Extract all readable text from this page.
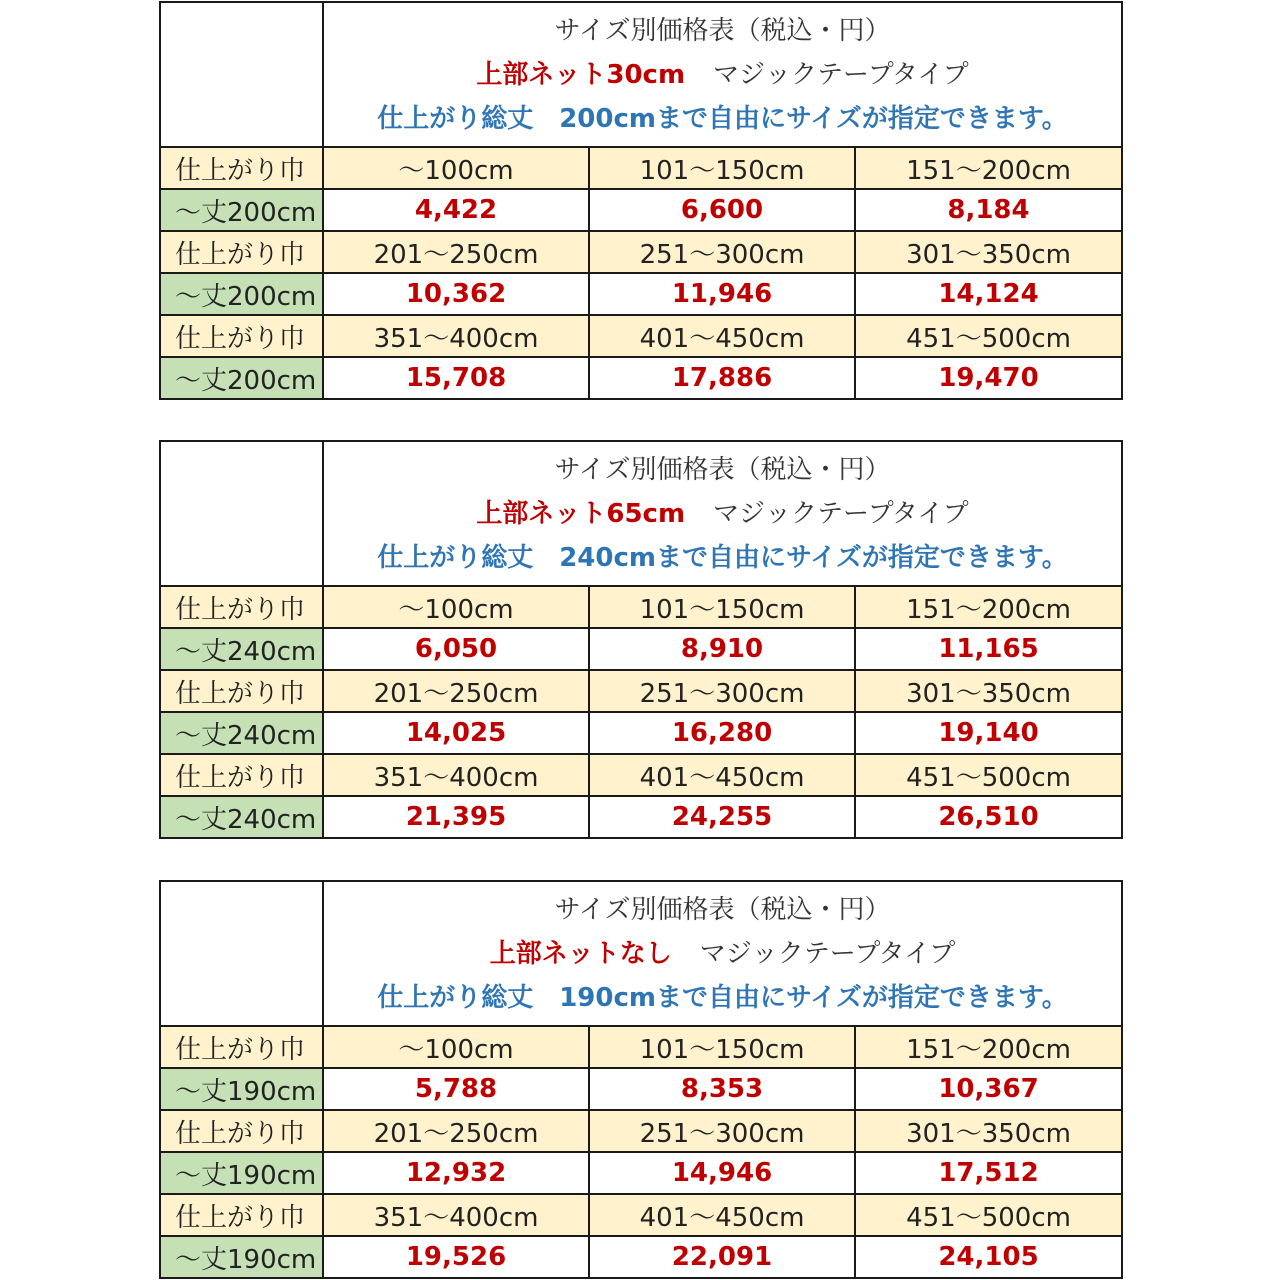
	サイズ別価格表（税込・円）
上部ネット30cm マジックテープタイプ
仕上がり総丈　200cmまで自由にサイズが指定できます。		

仕上がり巾	～100cm	101～150cm	151～200cm
～丈200cm	4,422	6,600	8,184
仕上がり巾	201～250cm	251～300cm	301～350cm
～丈200cm	10,362	11,946	14,124
仕上がり巾	351～400cm	401～450cm	451～500cm
～丈200cm	15,708	17,886	19,470

	サイズ別価格表（税込・円）
上部ネット65cm マジックテープタイプ
仕上がり総丈　240cmまで自由にサイズが指定できます。		

仕上がり巾	～100cm	101～150cm	151～200cm
～丈240cm	6,050	8,910	11,165
仕上がり巾	201～250cm	251～300cm	301～350cm
～丈240cm	14,025	16,280	19,140
仕上がり巾	351～400cm	401～450cm	451～500cm
～丈240cm	21,395	24,255	26,510

	サイズ別価格表（税込・円）
上部ネットなし マジックテープタイプ
仕上がり総丈　190cmまで自由にサイズが指定できます。		

仕上がり巾	～100cm	101～150cm	151～200cm
～丈190cm	5,788	8,353	10,367
仕上がり巾	201～250cm	251～300cm	301～350cm
～丈190cm	12,932	14,946	17,512
仕上がり巾	351～400cm	401～450cm	451～500cm
～丈190cm	19,526	22,091	24,105
